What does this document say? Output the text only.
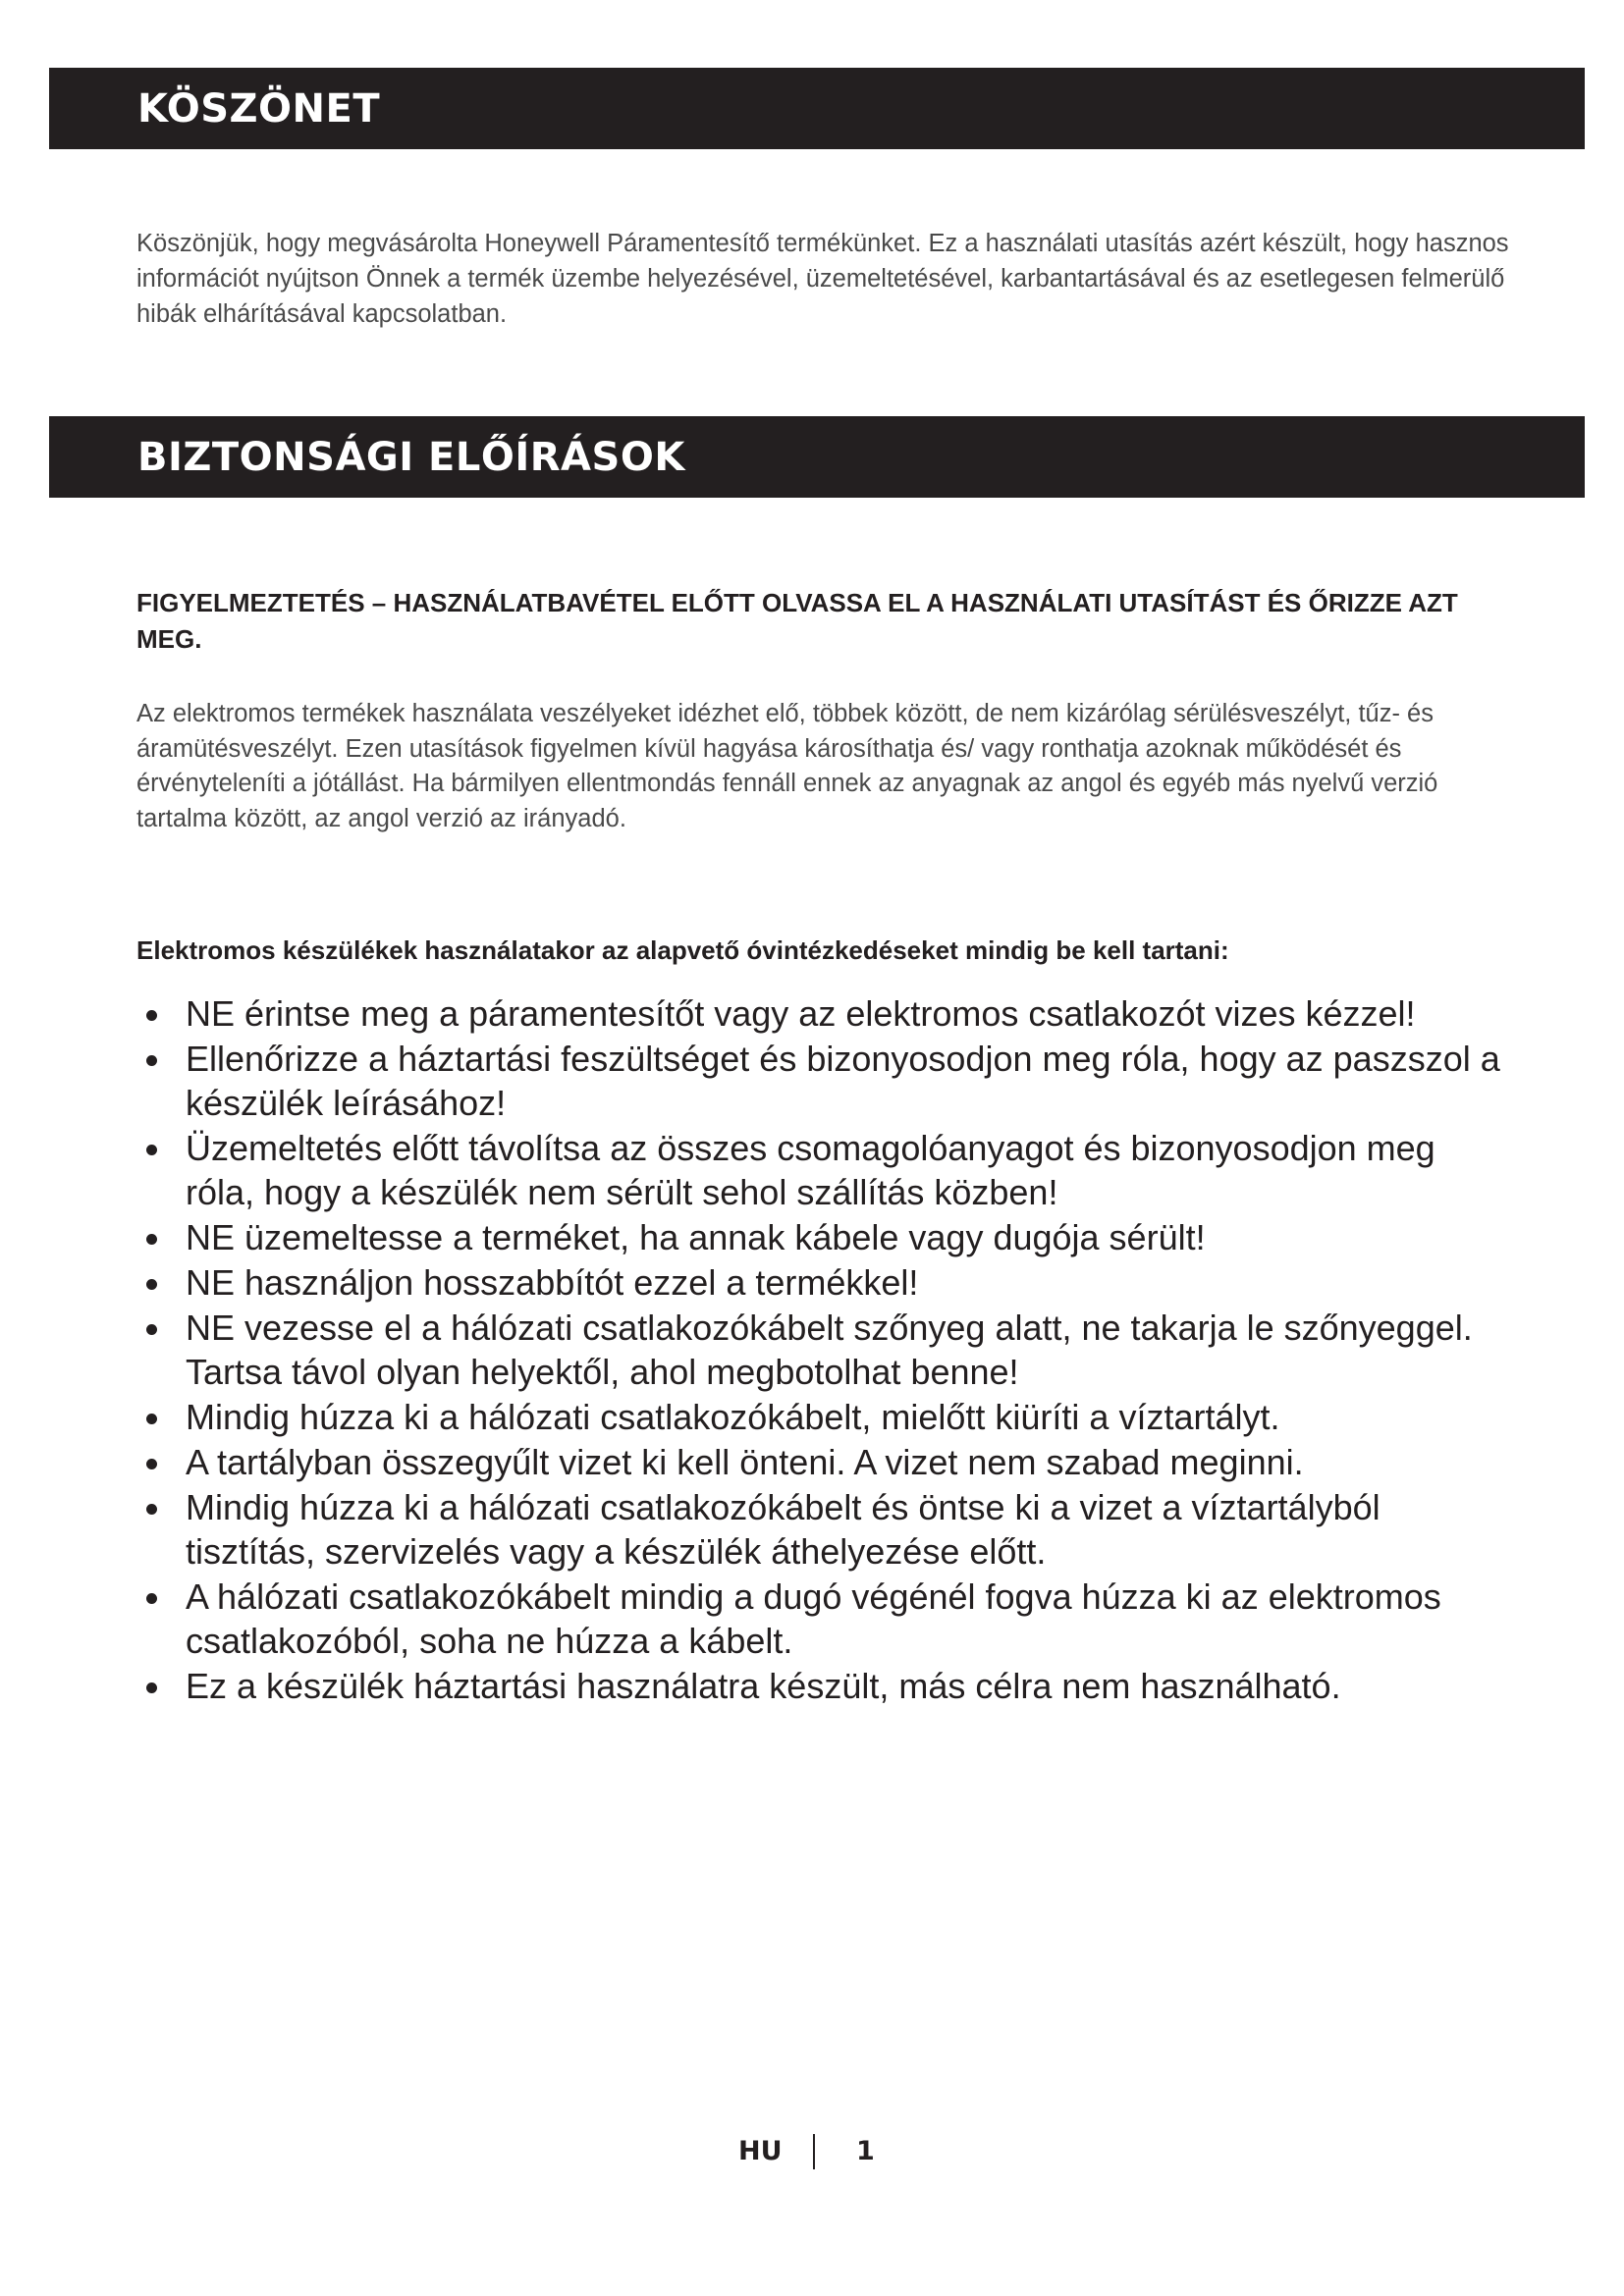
KÖSZÖNET

Köszönjük, hogy megvásárolta Honeywell Páramentesítő termékünket. Ez a használati utasítás azért készült, hogy hasznos információt nyújtson Önnek a termék üzembe helyezésével, üzemeltetésével, karbantartásával és az esetlegesen felmerülő hibák elhárításával kapcsolatban.

BIZTONSÁGI ELŐÍRÁSOK

FIGYELMEZTETÉS – HASZNÁLATBAVÉTEL ELŐTT OLVASSA EL A HASZNÁLATI UTASÍTÁST ÉS ŐRIZZE AZT MEG.

Az elektromos termékek használata veszélyeket idézhet elő, többek között, de nem kizárólag sérülésveszélyt, tűz- és áramütésveszélyt. Ezen utasítások figyelmen kívül hagyása károsíthatja és/ vagy ronthatja azoknak működését és érvényteleníti a jótállást. Ha bármilyen ellentmondás fennáll ennek az anyagnak az angol és egyéb más nyelvű verzió tartalma között, az angol verzió az irányadó.

Elektromos készülékek használatakor az alapvető óvintézkedéseket mindig be kell tartani:

NE érintse meg a páramentesítőt vagy az elektromos csatlakozót vizes kézzel!
Ellenőrizze a háztartási feszültséget és bizonyosodjon meg róla, hogy az paszszol a készülék leírásához!
Üzemeltetés előtt távolítsa az összes csomagolóanyagot és bizonyosodjon meg róla, hogy a készülék nem sérült sehol szállítás közben!
NE üzemeltesse a terméket, ha annak kábele vagy dugója sérült!
NE használjon hosszabbítót ezzel a termékkel!
NE vezesse el a hálózati csatlakozókábelt szőnyeg alatt, ne takarja le szőnyeggel. Tartsa távol olyan helyektől, ahol megbotolhat benne!
Mindig húzza ki a hálózati csatlakozókábelt, mielőtt kiüríti a víztartályt.
A tartályban összegyűlt vizet ki kell önteni. A vizet nem szabad meginni.
Mindig húzza ki a hálózati csatlakozókábelt és öntse ki a vizet a víztartályból tisztítás, szervizelés vagy a készülék áthelyezése előtt.
A hálózati csatlakozókábelt mindig a dugó végénél fogva húzza ki az elektromos csatlakozóból, soha ne húzza a kábelt.
Ez a készülék háztartási használatra készült, más célra nem használható.
HU	1
